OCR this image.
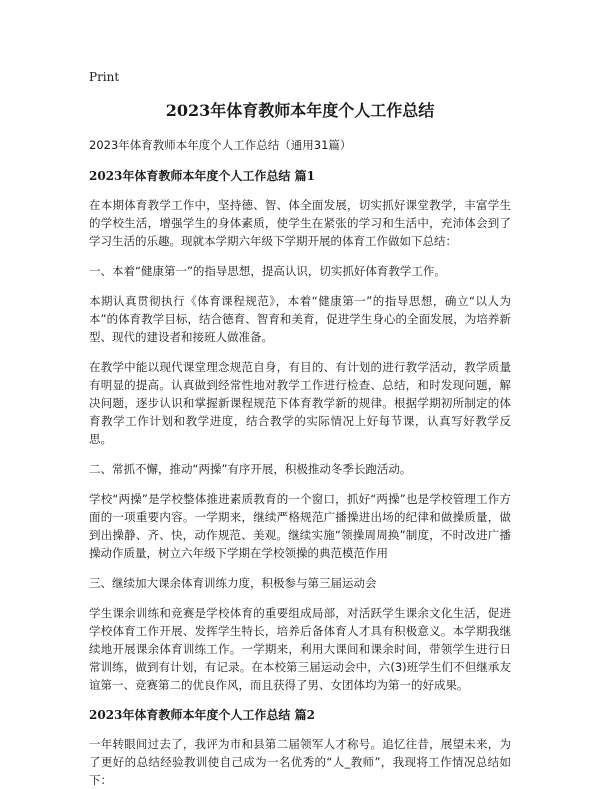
Print
2023年体育教师本年度个人工作总结
2023年体育教师本年度个人工作总结（通用31篇）
2023年体育教师本年度个人工作总结 篇1

在本期体育教学工作中，坚持德、智、体全面发展，切实抓好课堂教学，丰富学生的学校生活，增强学生的身体素质，使学生在紧张的学习和生活中，充沛体会到了学习生活的乐趣。现就本学期六年级下学期开展的体育工作做如下总结：

一、本着“健康第一”的指导思想，提高认识，切实抓好体育教学工作。

本期认真贯彻执行《体育课程规范》，本着“健康第一”的指导思想，确立“以人为本”的体育教学目标，结合德育、智育和美育，促进学生身心的全面发展，为培养新型、现代的建设者和接班人做准备。

在教学中能以现代课堂理念规范自身，有目的、有计划的进行教学活动，教学质量有明显的提高。认真做到经常性地对教学工作进行检查、总结，和时发现问题，解决问题，逐步认识和掌握新课程规范下体育教学新的规律。根据学期初所制定的体育教学工作计划和教学进度，结合教学的实际情况上好每节课，认真写好教学反思。

二、常抓不懈，推动“两操”有序开展，积极推动冬季长跑活动。

学校“两操”是学校整体推进素质教育的一个窗口，抓好“两操”也是学校管理工作方面的一项重要内容。一学期来，继续严格规范广播操进出场的纪律和做操质量，做到出操静、齐、快，动作规范、美观。继续实施“领操周周换”制度，不时改进广播操动作质量，树立六年级下学期在学校领操的典范模范作用

三、继续加大课余体育训练力度，积极参与第三届运动会

学生课余训练和竞赛是学校体育的重要组成局部，对活跃学生课余文化生活，促进学校体育工作开展、发挥学生特长，培养后备体育人才具有积极意义。本学期我继续地开展课余体育训练工作。一学期来，利用大课间和课余时间，带领学生进行日常训练，做到有计划，有记录。在本校第三届运动会中，六(3)班学生们不但继承友谊第一、竞赛第二的优良作风，而且获得了男、女团体均为第一的好成果。

2023年体育教师本年度个人工作总结 篇2

一年转眼间过去了，我评为市和县第二届领军人才称号。追忆往昔，展望未来，为了更好的总结经验教训使自己成为一名优秀的“人_教师”，我现将工作情况总结如下：
